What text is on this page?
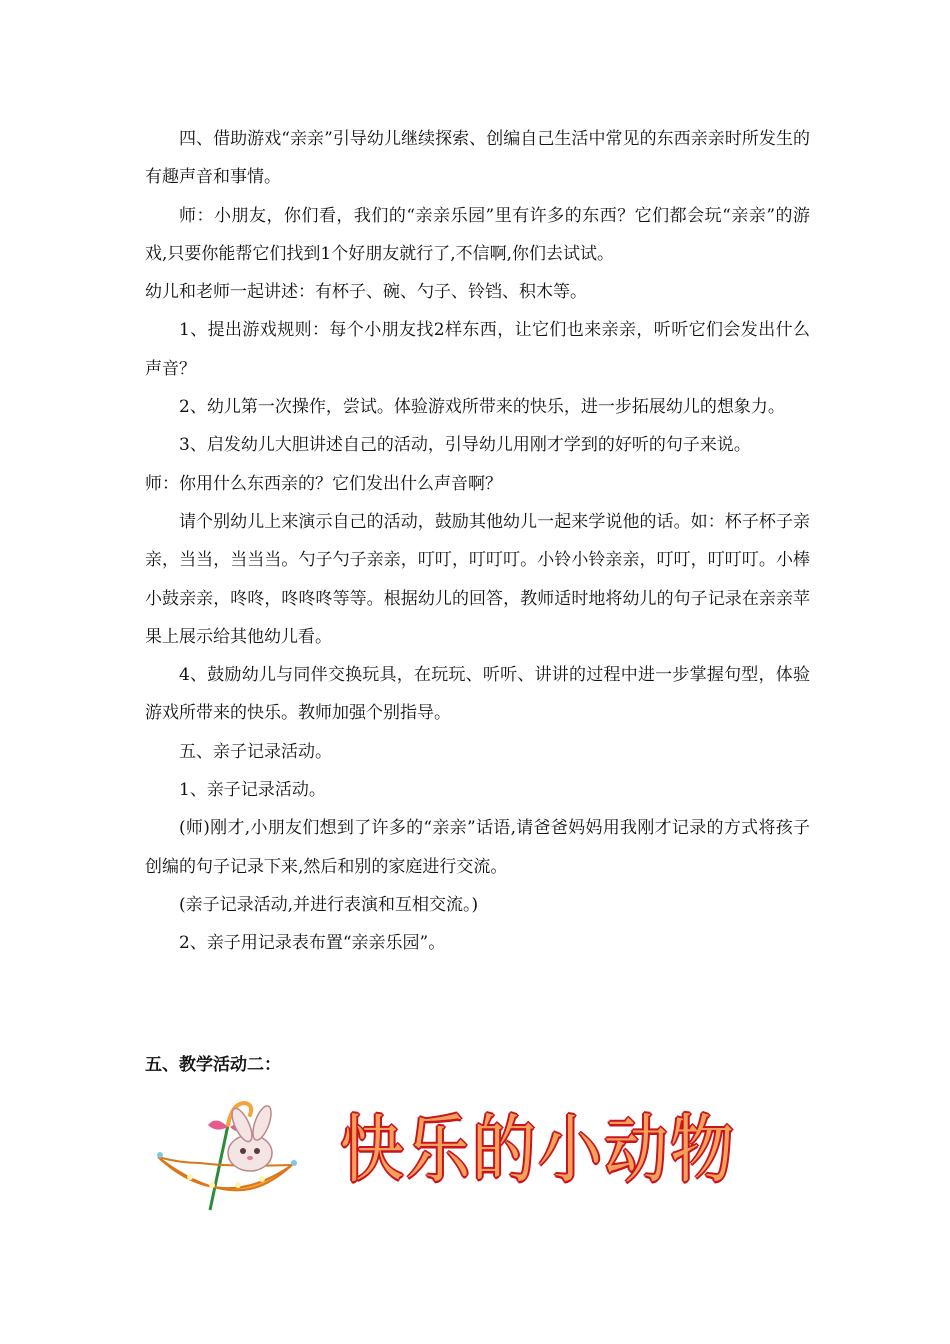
四、借助游戏“亲亲”引导幼儿继续探索、创编自己生活中常见的东西亲亲时所发生的有趣声音和事情。

师：小朋友，你们看，我们的“亲亲乐园”里有许多的东西？它们都会玩“亲亲”的游戏,只要你能帮它们找到1个好朋友就行了,不信啊,你们去试试。

幼儿和老师一起讲述：有杯子、碗、勺子、铃铛、积木等。

1、提出游戏规则：每个小朋友找2样东西，让它们也来亲亲，听听它们会发出什么声音？

2、幼儿第一次操作，尝试。体验游戏所带来的快乐，进一步拓展幼儿的想象力。

3、启发幼儿大胆讲述自己的活动，引导幼儿用刚才学到的好听的句子来说。

师：你用什么东西亲的？它们发出什么声音啊？

请个别幼儿上来演示自己的活动，鼓励其他幼儿一起来学说他的话。如：杯子杯子亲亲，当当，当当当。勺子勺子亲亲，叮叮，叮叮叮。小铃小铃亲亲，叮叮，叮叮叮。小棒小鼓亲亲，咚咚，咚咚咚等等。根据幼儿的回答，教师适时地将幼儿的句子记录在亲亲苹果上展示给其他幼儿看。

4、鼓励幼儿与同伴交换玩具，在玩玩、听听、讲讲的过程中进一步掌握句型，体验游戏所带来的快乐。教师加强个别指导。

五、亲子记录活动。

1、亲子记录活动。

(师)刚才,小朋友们想到了许多的“亲亲”话语,请爸爸妈妈用我刚才记录的方式将孩子创编的句子记录下来,然后和别的家庭进行交流。

(亲子记录活动,并进行表演和互相交流。)

2、亲子用记录表布置“亲亲乐园”。

五、教学活动二：
快乐的小动物
